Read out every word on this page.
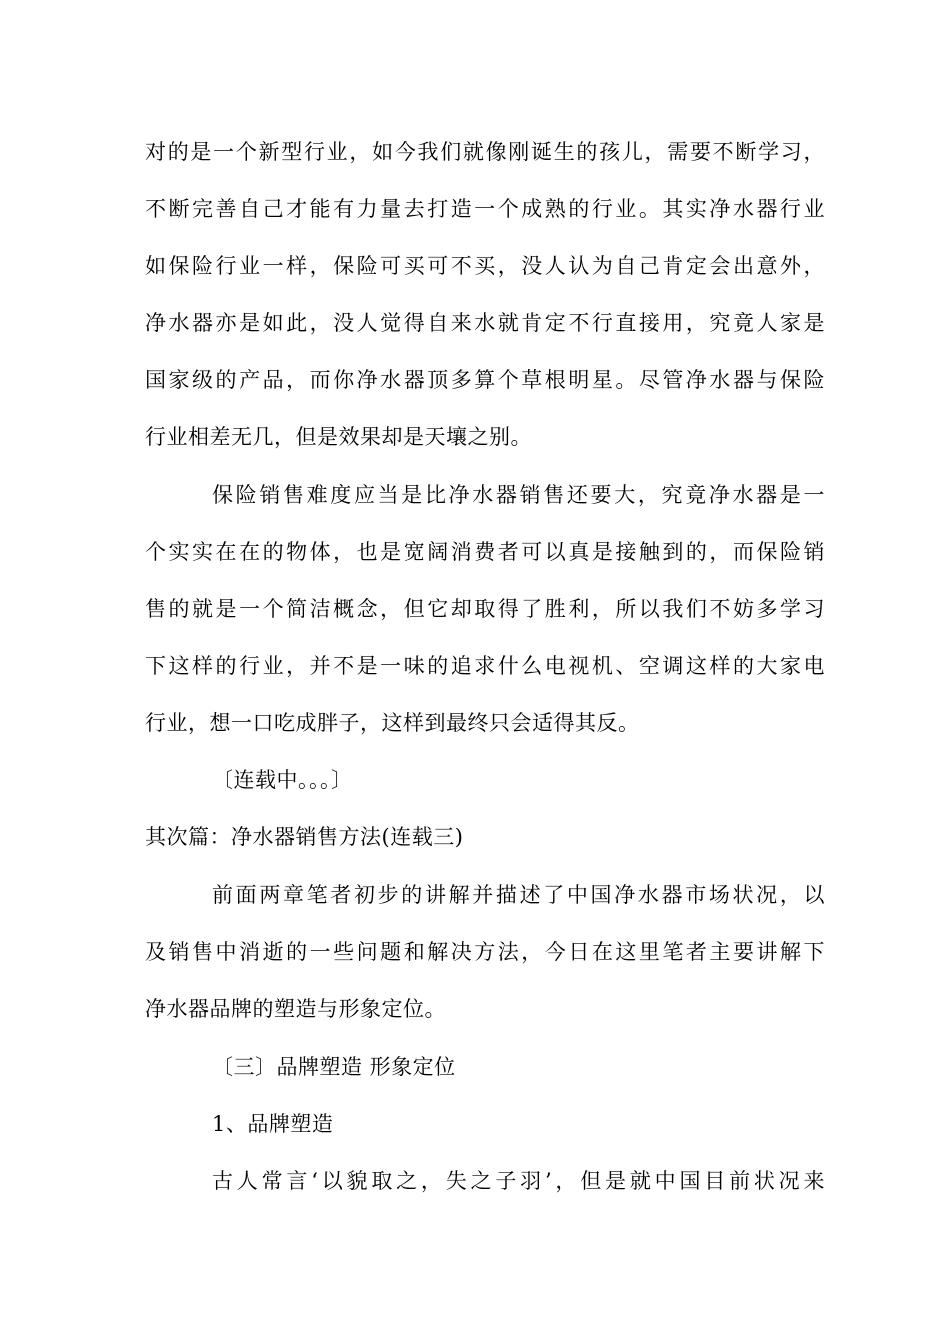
对的是一个新型行业，如今我们就像刚诞生的孩儿，需要不断学习，
不断完善自己才能有力量去打造一个成熟的行业。其实净水器行业
如保险行业一样，保险可买可不买，没人认为自己肯定会出意外，
净水器亦是如此，没人觉得自来水就肯定不行直接用，究竟人家是
国家级的产品，而你净水器顶多算个草根明星。尽管净水器与保险
行业相差无几，但是效果却是天壤之别。
保险销售难度应当是比净水器销售还要大，究竟净水器是一
个实实在在的物体，也是宽阔消费者可以真是接触到的，而保险销
售的就是一个简洁概念，但它却取得了胜利，所以我们不妨多学习
下这样的行业，并不是一味的追求什么电视机、空调这样的大家电
行业，想一口吃成胖子，这样到最终只会适得其反。
〔连载中。。。〕
其次篇：净水器销售方法(连载三)
前面两章笔者初步的讲解并描述了中国净水器市场状况，以
及销售中消逝的一些问题和解决方法，今日在这里笔者主要讲解下
净水器品牌的塑造与形象定位。
〔三〕品牌塑造 形象定位
1、品牌塑造
古人常言‘以貌取之，失之子羽’，但是就中国目前状况来
